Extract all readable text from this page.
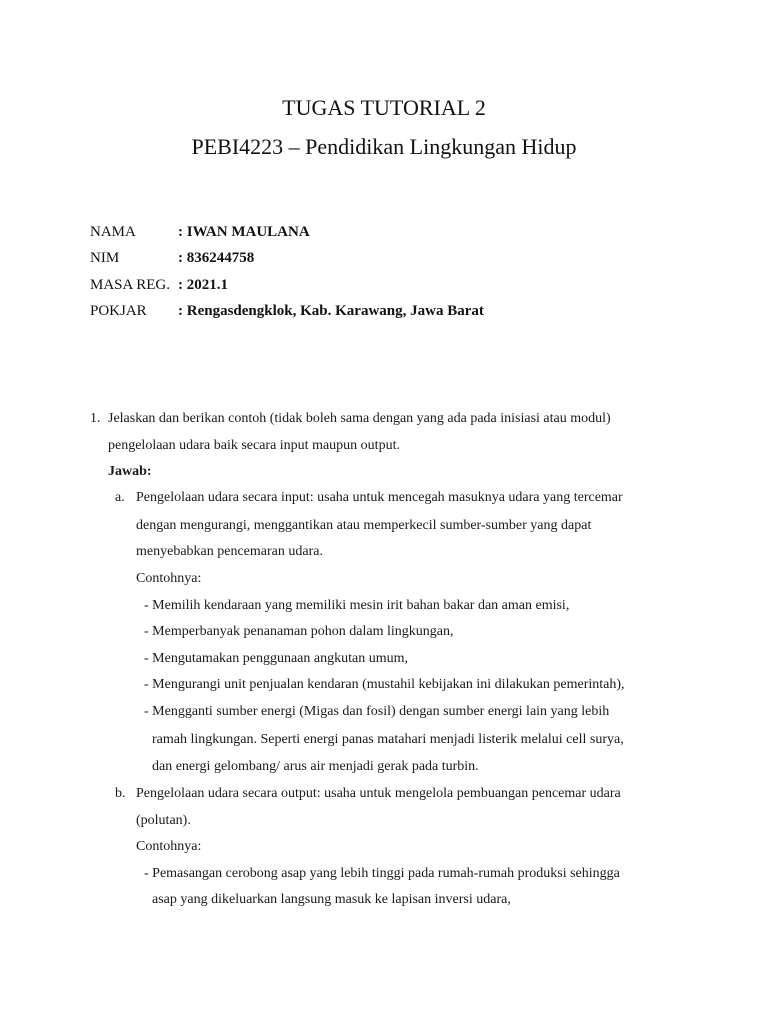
TUGAS TUTORIAL 2
PEBI4223 – Pendidikan Lingkungan Hidup
NAMA	: IWAN MAULANA
NIM	: 836244758
MASA REG. : 2021.1
POKJAR : Rengasdengklok, Kab. Karawang, Jawa Barat
1. Jelaskan dan berikan contoh (tidak boleh sama dengan yang ada pada inisiasi atau modul)
pengelolaan udara baik secara input maupun output.
Jawab:
a. Pengelolaan udara secara input: usaha untuk mencegah masuknya udara yang tercemar
dengan mengurangi, menggantikan atau memperkecil sumber-sumber yang dapat
menyebabkan pencemaran udara.
Contohnya:
- Memilih kendaraan yang memiliki mesin irit bahan bakar dan aman emisi,
- Memperbanyak penanaman pohon dalam lingkungan,
- Mengutamakan penggunaan angkutan umum,
- Mengurangi unit penjualan kendaran (mustahil kebijakan ini dilakukan pemerintah),
- Mengganti sumber energi (Migas dan fosil) dengan sumber energi lain yang lebih
ramah lingkungan. Seperti energi panas matahari menjadi listerik melalui cell surya,
dan energi gelombang/ arus air menjadi gerak pada turbin.
b. Pengelolaan udara secara output: usaha untuk mengelola pembuangan pencemar udara
(polutan).
Contohnya:
- Pemasangan cerobong asap yang lebih tinggi pada rumah-rumah produksi sehingga
asap yang dikeluarkan langsung masuk ke lapisan inversi udara,
